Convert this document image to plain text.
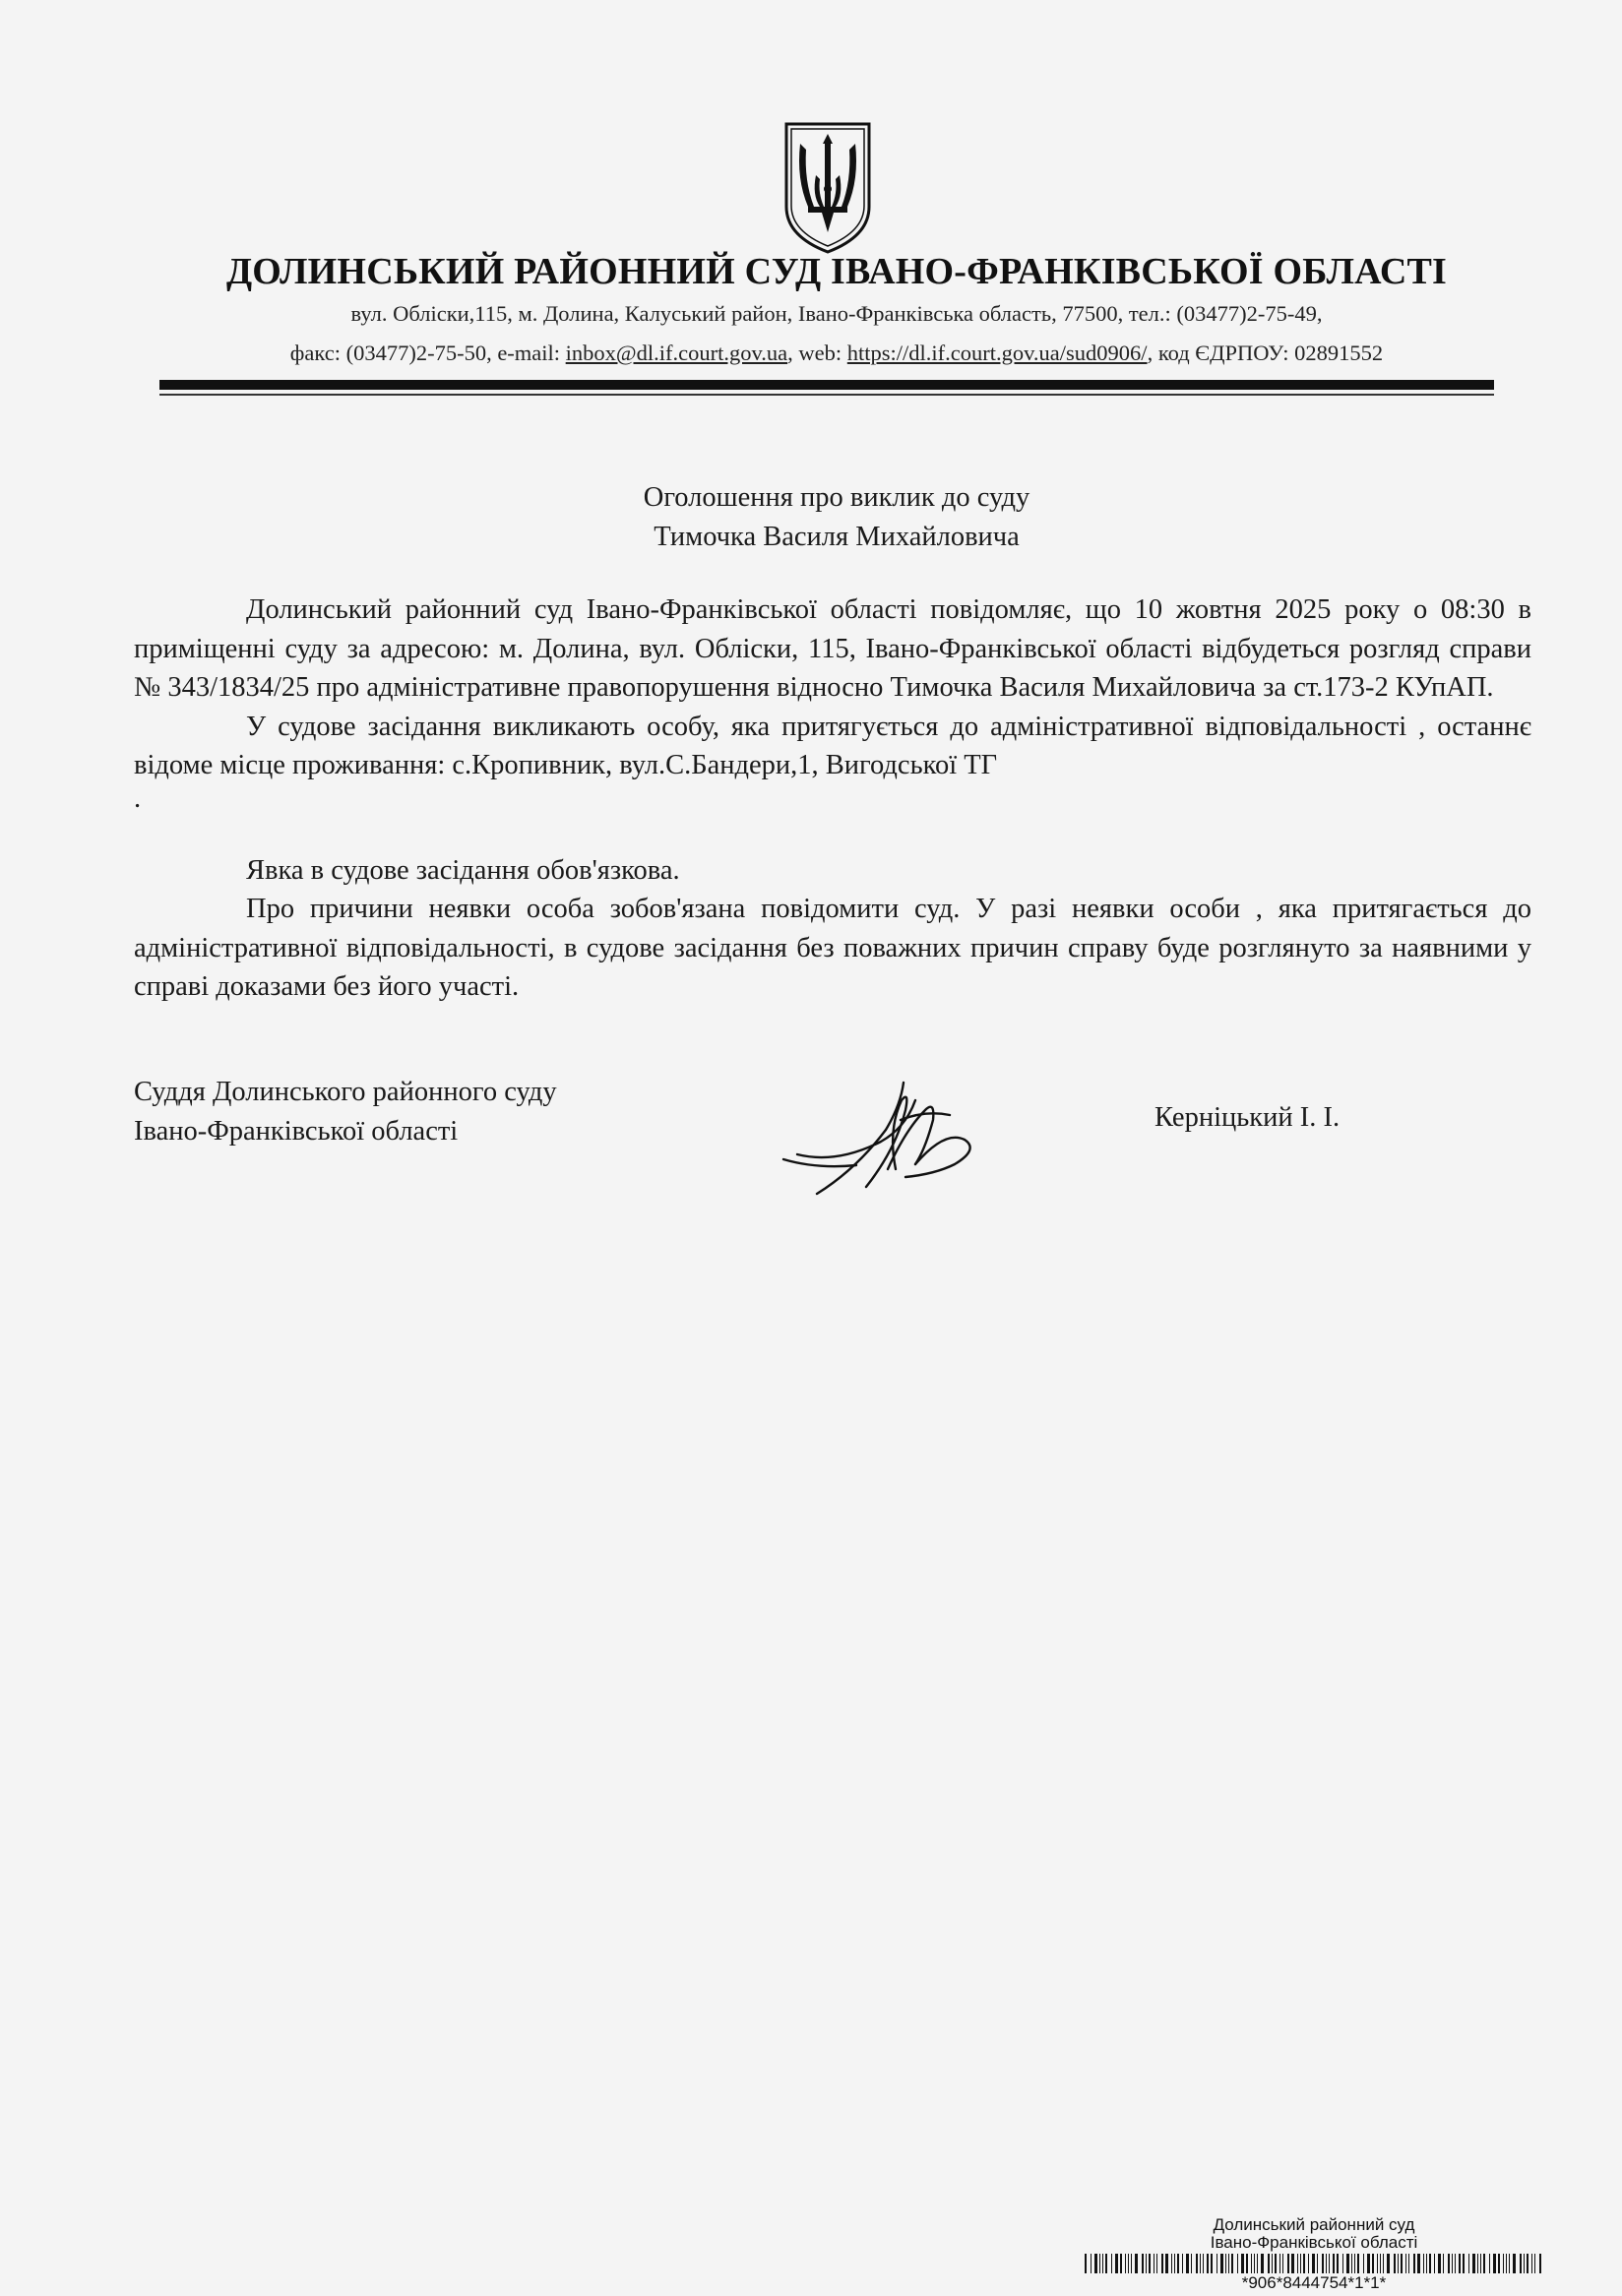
ДОЛИНСЬКИЙ РАЙОННИЙ СУД ІВАНО-ФРАНКІВСЬКОЇ ОБЛАСТІ
вул. Обліски,115, м. Долина, Калуський район, Івано-Франківська область, 77500, тел.: (03477)2-75-49,
факс: (03477)2-75-50, e-mail: inbox@dl.if.court.gov.ua, web: https://dl.if.court.gov.ua/sud0906/, код ЄДРПОУ: 02891552
Оголошення про виклик до суду
Тимочка Василя Михайловича

Долинський районний суд Івано-Франківської області повідомляє, що 10 жовтня 2025 року о 08:30 в приміщенні суду за адресою: м. Долина, вул. Обліски, 115, Івано-Франківської області відбудеться розгляд справи № 343/1834/25 про адміністративне правопорушення відносно Тимочка Василя Михайловича за ст.173-2 КУпАП.

У судове засідання викликають особу, яка притягується до адміністративної відповідальності , останнє відоме місце проживання: с.Кропивник, вул.С.Бандери,1, Вигодської ТГ

.

Явка в судове засідання обов'язкова.

Про причини неявки особа зобов'язана повідомити суд. У разі неявки особи , яка притягається до адміністративної відповідальності, в судове засідання без поважних причин справу буде розглянуто за наявними у справі доказами без його участі.

Суддя Долинського районного суду
Івано-Франківської області	Керніцький І. І.
Долинський районний суд
Івано-Франківської області
*906*8444754*1*1*
